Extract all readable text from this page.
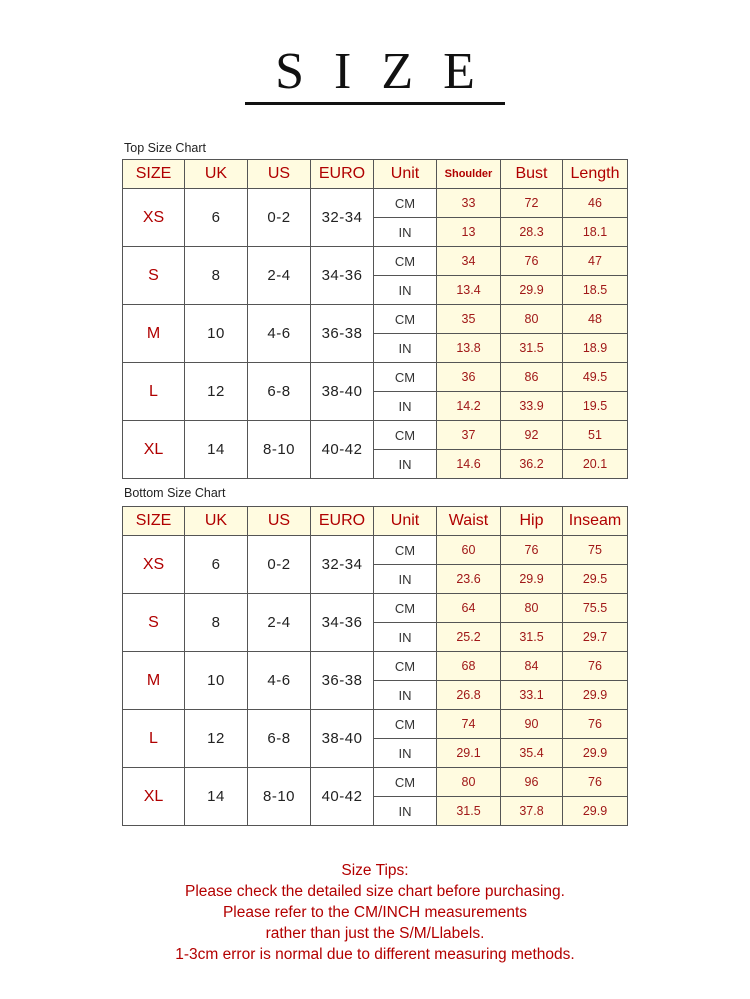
SIZE
Top Size Chart
SIZE	UK	US	EURO	Unit	Shoulder	Bust	Length
XS	6	0-2	32-34	CM	33	72	46
				IN	13	28.3	18.1
S	8	2-4	34-36	CM	34	76	47
				IN	13.4	29.9	18.5
M	10	4-6	36-38	CM	35	80	48
				IN	13.8	31.5	18.9
L	12	6-8	38-40	CM	36	86	49.5
				IN	14.2	33.9	19.5
XL	14	8-10	40-42	CM	37	92	51
				IN	14.6	36.2	20.1
Bottom Size Chart
SIZE	UK	US	EURO	Unit	Waist	Hip	Inseam
XS	6	0-2	32-34	CM	60	76	75
				IN	23.6	29.9	29.5
S	8	2-4	34-36	CM	64	80	75.5
				IN	25.2	31.5	29.7
M	10	4-6	36-38	CM	68	84	76
				IN	26.8	33.1	29.9
L	12	6-8	38-40	CM	74	90	76
				IN	29.1	35.4	29.9
XL	14	8-10	40-42	CM	80	96	76
				IN	31.5	37.8	29.9
Size Tips:
Please check the detailed size chart before purchasing.
Please refer to the CM/INCH measurements
rather than just the S/M/Llabels.
1-3cm error is normal due to different measuring methods.
